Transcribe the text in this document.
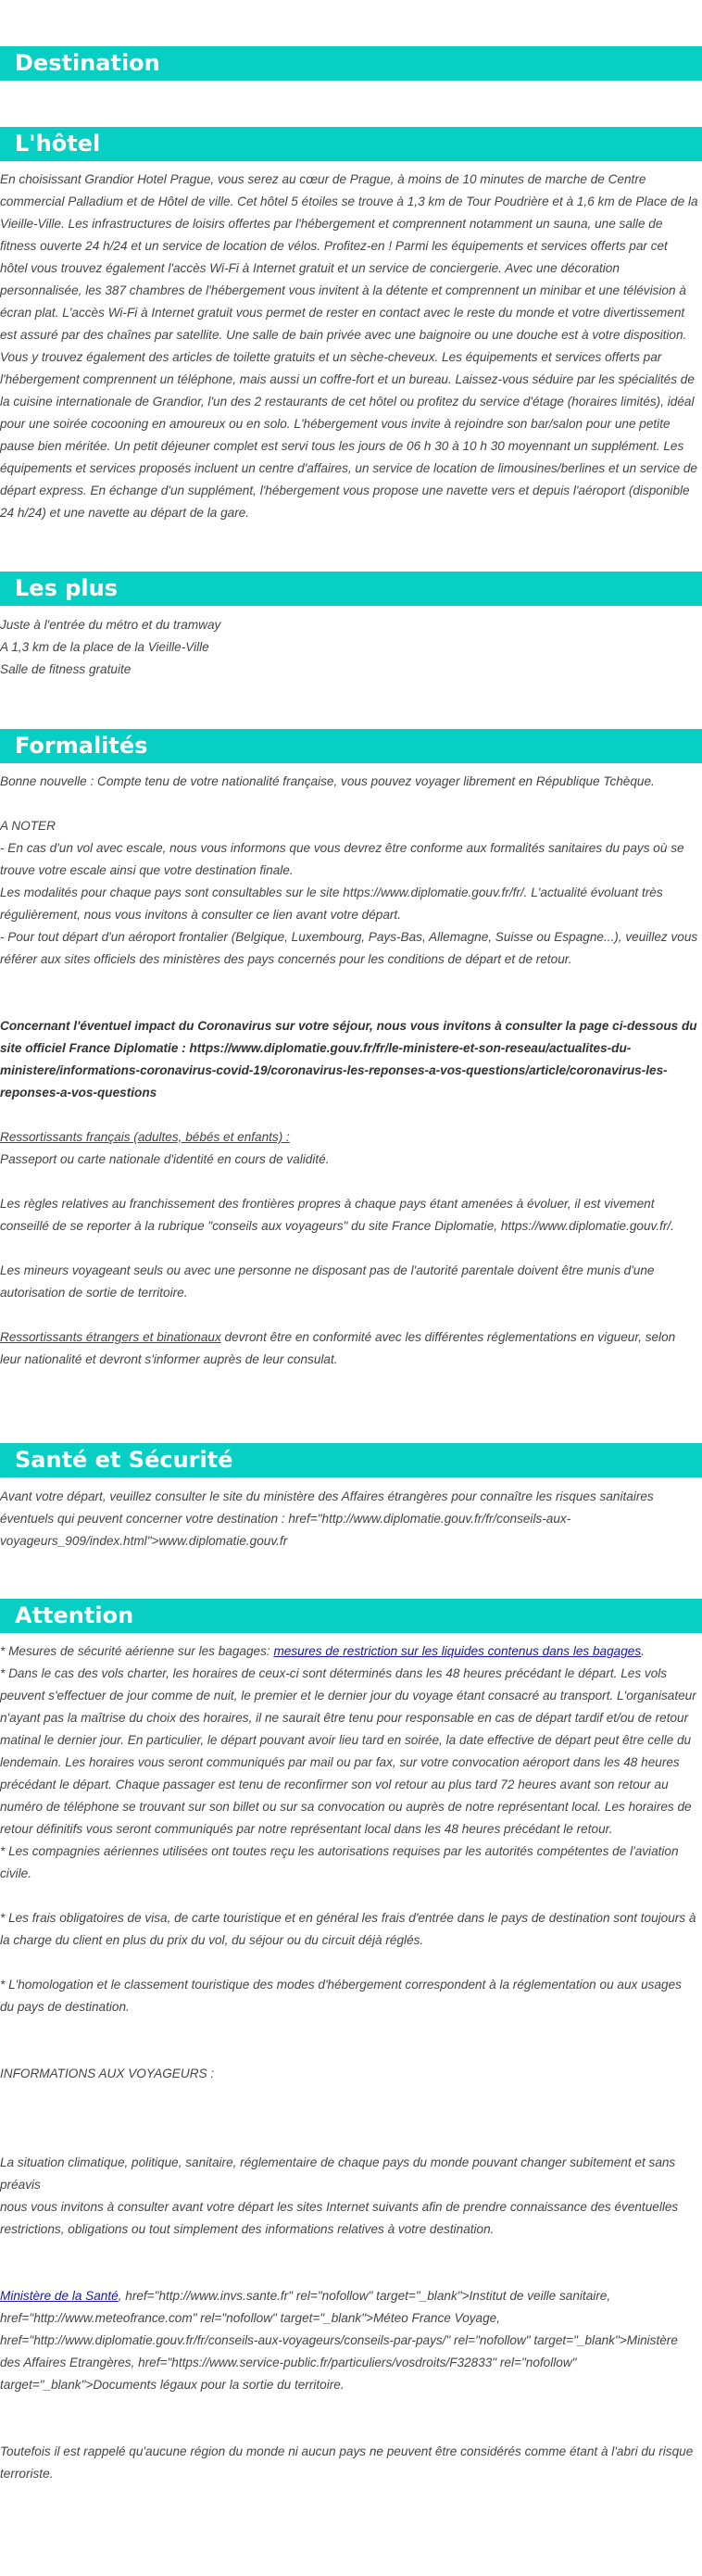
Destination
L'hôtel

En choisissant Grandior Hotel Prague, vous serez au cœur de Prague, à moins de 10 minutes de marche de Centre commercial Palladium et de Hôtel de ville. Cet hôtel 5 étoiles se trouve à 1,3 km de Tour Poudrière et à 1,6 km de Place de la Vieille-Ville. Les infrastructures de loisirs offertes par l'hébergement et comprennent notamment un sauna, une salle de fitness ouverte 24 h/24 et un service de location de vélos. Profitez-en ! Parmi les équipements et services offerts par cet hôtel vous trouvez également l'accès Wi-Fi à Internet gratuit et un service de conciergerie. Avec une décoration personnalisée, les 387 chambres de l'hébergement vous invitent à la détente et comprennent un minibar et une télévision à écran plat. L'accès Wi-Fi à Internet gratuit vous permet de rester en contact avec le reste du monde et votre divertissement est assuré par des chaînes par satellite. Une salle de bain privée avec une baignoire ou une douche est à votre disposition. Vous y trouvez également des articles de toilette gratuits et un sèche-cheveux. Les équipements et services offerts par l'hébergement comprennent un téléphone, mais aussi un coffre-fort et un bureau. Laissez-vous séduire par les spécialités de la cuisine internationale de Grandior, l'un des 2 restaurants de cet hôtel ou profitez du service d'étage (horaires limités), idéal pour une soirée cocooning en amoureux ou en solo. L'hébergement vous invite à rejoindre son bar/salon pour une petite pause bien méritée. Un petit déjeuner complet est servi tous les jours de 06 h 30 à 10 h 30 moyennant un supplément. Les équipements et services proposés incluent un centre d'affaires, un service de location de limousines/berlines et un service de départ express. En échange d'un supplément, l'hébergement vous propose une navette vers et depuis l'aéroport (disponible 24 h/24) et une navette au départ de la gare.

Les plus

Juste à l'entrée du métro et du tramway

A 1,3 km de la place de la Vieille-Ville

Salle de fitness gratuite

Formalités

Bonne nouvelle : Compte tenu de votre nationalité française, vous pouvez voyager librement en République Tchèque.

A NOTER

- En cas d'un vol avec escale, nous vous informons que vous devrez être conforme aux formalités sanitaires du pays où se trouve votre escale ainsi que votre destination finale.

Les modalités pour chaque pays sont consultables sur le site https://www.diplomatie.gouv.fr/fr/. L'actualité évoluant très régulièrement, nous vous invitons à consulter ce lien avant votre départ.

- Pour tout départ d'un aéroport frontalier (Belgique, Luxembourg, Pays-Bas, Allemagne, Suisse ou Espagne...), veuillez vous référer aux sites officiels des ministères des pays concernés pour les conditions de départ et de retour.

Concernant l'éventuel impact du Coronavirus sur votre séjour, nous vous invitons à consulter la page ci-dessous du site officiel France Diplomatie : https://www.diplomatie.gouv.fr/fr/le-ministere-et-son-reseau/actualites-du-ministere/informations-coronavirus-covid-19/coronavirus-les-reponses-a-vos-questions/article/coronavirus-les-reponses-a-vos-questions

Ressortissants français (adultes, bébés et enfants) :

Passeport ou carte nationale d'identité en cours de validité.

Les règles relatives au franchissement des frontières propres à chaque pays étant amenées à évoluer, il est vivement conseillé de se reporter à la rubrique "conseils aux voyageurs" du site France Diplomatie, https://www.diplomatie.gouv.fr/.

Les mineurs voyageant seuls ou avec une personne ne disposant pas de l'autorité parentale doivent être munis d'une autorisation de sortie de territoire.

Ressortissants étrangers et binationaux devront être en conformité avec les différentes réglementations en vigueur, selon leur nationalité et devront s'informer auprès de leur consulat.

Santé et Sécurité

Avant votre départ, veuillez consulter le site du ministère des Affaires étrangères pour connaître les risques sanitaires éventuels qui peuvent concerner votre destination : href="http://www.diplomatie.gouv.fr/fr/conseils-aux-voyageurs_909/index.html">www.diplomatie.gouv.fr

Attention

* Mesures de sécurité aérienne sur les bagages: mesures de restriction sur les liquides contenus dans les bagages.

* Dans le cas des vols charter, les horaires de ceux-ci sont déterminés dans les 48 heures précédant le départ. Les vols peuvent s'effectuer de jour comme de nuit, le premier et le dernier jour du voyage étant consacré au transport. L'organisateur n'ayant pas la maîtrise du choix des horaires, il ne saurait être tenu pour responsable en cas de départ tardif et/ou de retour matinal le dernier jour. En particulier, le départ pouvant avoir lieu tard en soirée, la date effective de départ peut être celle du lendemain. Les horaires vous seront communiqués par mail ou par fax, sur votre convocation aéroport dans les 48 heures précédant le départ. Chaque passager est tenu de reconfirmer son vol retour au plus tard 72 heures avant son retour au numéro de téléphone se trouvant sur son billet ou sur sa convocation ou auprès de notre représentant local. Les horaires de retour définitifs vous seront communiqués par notre représentant local dans les 48 heures précédant le retour.

* Les compagnies aériennes utilisées ont toutes reçu les autorisations requises par les autorités compétentes de l'aviation civile.

* Les frais obligatoires de visa, de carte touristique et en général les frais d'entrée dans le pays de destination sont toujours à la charge du client en plus du prix du vol, du séjour ou du circuit déjà réglés.

* L'homologation et le classement touristique des modes d'hébergement correspondent à la réglementation ou aux usages du pays de destination.

INFORMATIONS AUX VOYAGEURS :

La situation climatique, politique, sanitaire, réglementaire de chaque pays du monde pouvant changer subitement et sans préavis

nous vous invitons à consulter avant votre départ les sites Internet suivants afin de prendre connaissance des éventuelles restrictions, obligations ou tout simplement des informations relatives à votre destination.

Ministère de la Santé, href="http://www.invs.sante.fr" rel="nofollow" target="_blank">Institut de veille sanitaire, href="http://www.meteofrance.com" rel="nofollow" target="_blank">Méteo France Voyage, href="http://www.diplomatie.gouv.fr/fr/conseils-aux-voyageurs/conseils-par-pays/" rel="nofollow" target="_blank">Ministère des Affaires Etrangères, href="https://www.service-public.fr/particuliers/vosdroits/F32833" rel="nofollow" target="_blank">Documents légaux pour la sortie du territoire.

Toutefois il est rappelé qu'aucune région du monde ni aucun pays ne peuvent être considérés comme étant à l'abri du risque terroriste.
